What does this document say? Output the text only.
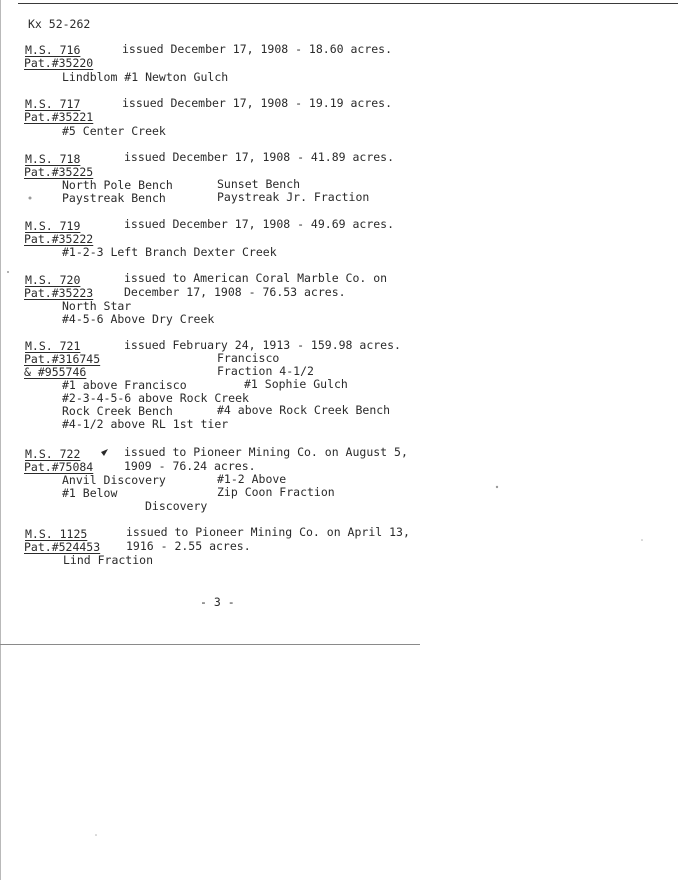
Kx 52-262
M.S. 716	issued December 17, 1908 - 18.60 acres.
Pat.#35220
Lindblom #1 Newton Gulch
M.S. 717	issued December 17, 1908 - 19.19 acres.
Pat.#35221
#5 Center Creek
M.S. 718	issued December 17, 1908 - 41.89 acres.
Pat.#35225
North Pole Bench	Sunset Bench
Paystreak Bench	Paystreak Jr. Fraction
M.S. 719	issued December 17, 1908 - 49.69 acres.
Pat.#35222
#1-2-3 Left Branch Dexter Creek
M.S. 720	issued to American Coral Marble Co. on
Pat.#35223	December 17, 1908 - 76.53 acres.
North Star
#4-5-6 Above Dry Creek
M.S. 721	issued February 24, 1913 - 159.98 acres.
Pat.#316745	Francisco
& #955746	Fraction 4-1/2
#1 above Francisco	#1 Sophie Gulch
#2-3-4-5-6 above Rock Creek
Rock Creek Bench	#4 above Rock Creek Bench
#4-1/2 above RL 1st tier
M.S. 722	issued to Pioneer Mining Co. on August 5,
Pat.#75084	1909 - 76.24 acres.
Anvil Discovery	#1-2 Above
#1 Below	Zip Coon Fraction
Discovery
M.S. 1125	issued to Pioneer Mining Co. on April 13,
Pat.#524453 1916 - 2.55 acres.
Lind Fraction
- 3 -
